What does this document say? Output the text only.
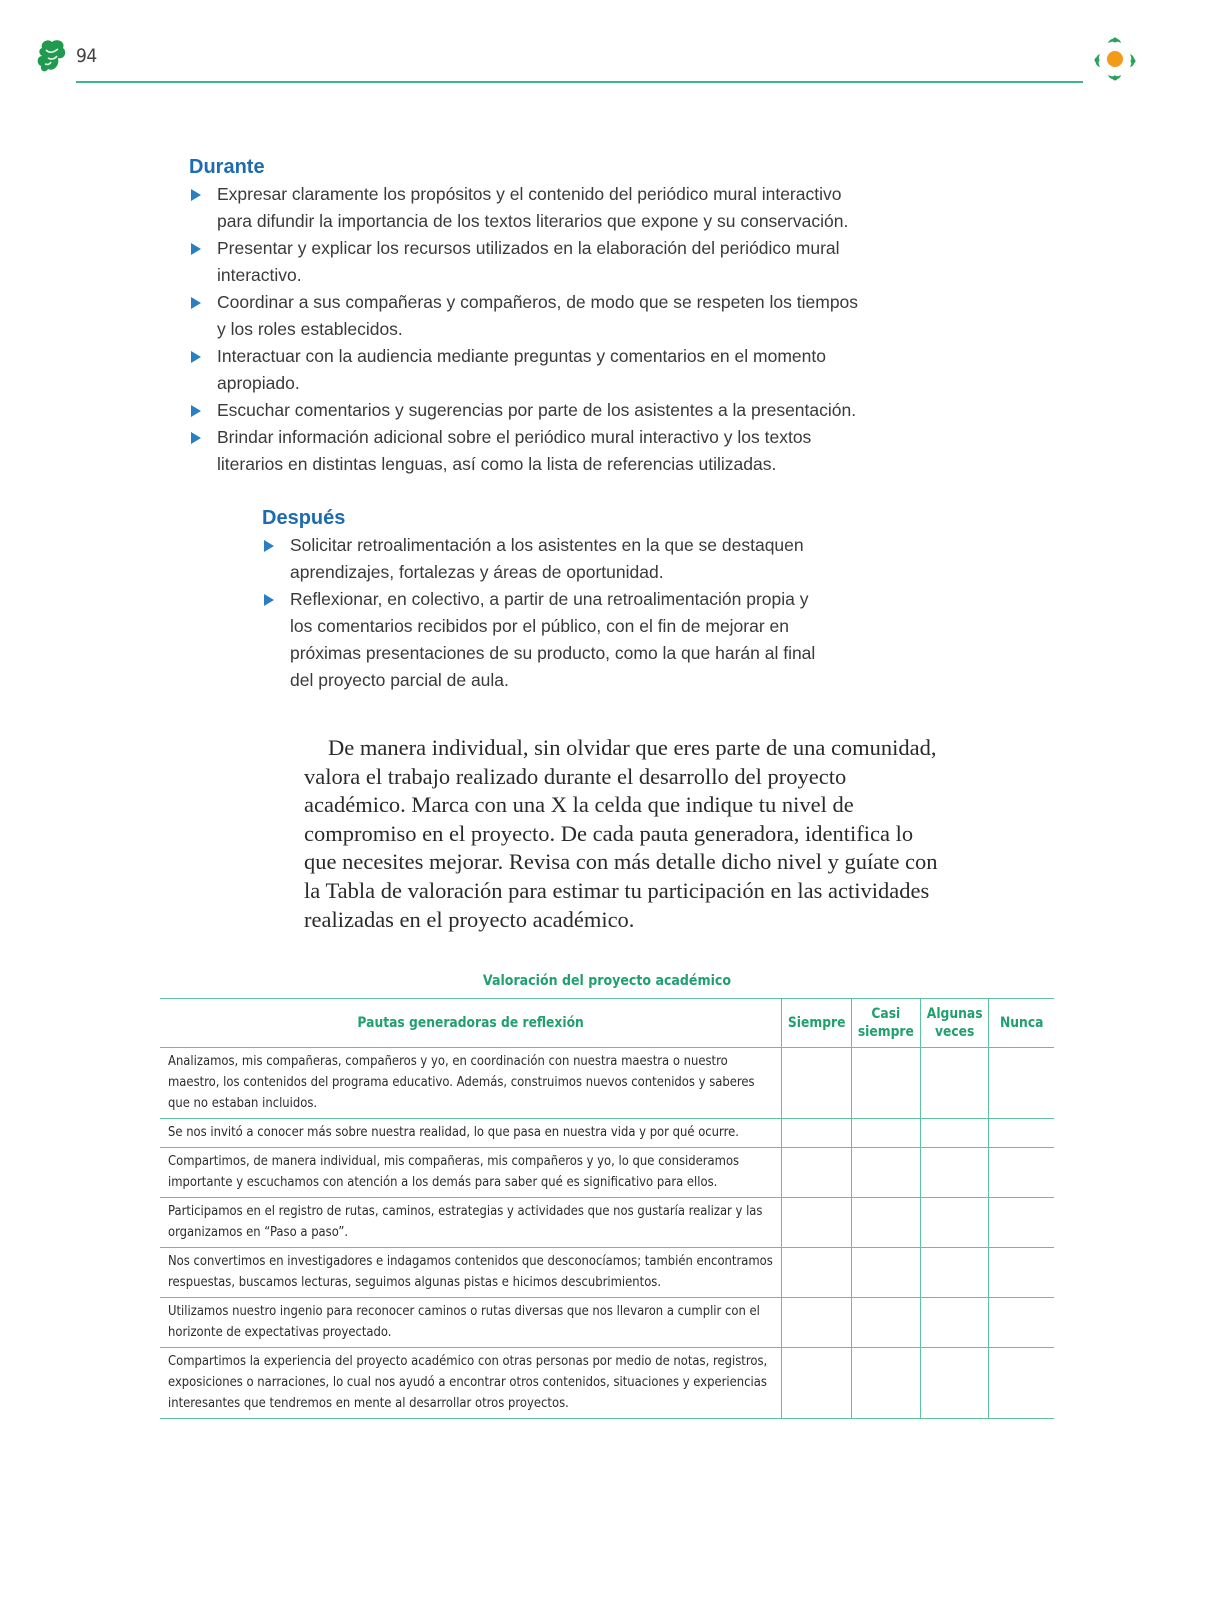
94
Durante
Expresar claramente los propósitos y el contenido del periódico mural interactivo para difundir la importancia de los textos literarios que expone y su conservación.
Presentar y explicar los recursos utilizados en la elaboración del periódico mural interactivo.
Coordinar a sus compañeras y compañeros, de modo que se respeten los tiempos y los roles establecidos.
Interactuar con la audiencia mediante preguntas y comentarios en el momento apropiado.
Escuchar comentarios y sugerencias por parte de los asistentes a la presentación.
Brindar información adicional sobre el periódico mural interactivo y los textos literarios en distintas lenguas, así como la lista de referencias utilizadas.
Después
Solicitar retroalimentación a los asistentes en la que se destaquen aprendizajes, fortalezas y áreas de oportunidad.
Reflexionar, en colectivo, a partir de una retroalimentación propia y los comentarios recibidos por el público, con el fin de mejorar en próximas presentaciones de su producto, como la que harán al final del proyecto parcial de aula.

De manera individual, sin olvidar que eres parte de una comunidad, valora el trabajo realizado durante el desarrollo del proyecto académico. Marca con una X la celda que indique tu nivel de compromiso en el proyecto. De cada pauta generadora, identifica lo que necesites mejorar. Revisa con más detalle dicho nivel y guíate con la Tabla de valoración para estimar tu participación en las actividades realizadas en el proyecto académico.

Valoración del proyecto académico
Pautas generadoras de reflexión	Siempre	Casi siempre	Algunas veces	Nunca
Analizamos, mis compañeras, compañeros y yo, en coordinación con nuestra maestra o nuestro maestro, los contenidos del programa educativo. Además, construimos nuevos contenidos y saberes que no estaban incluidos.				
Se nos invitó a conocer más sobre nuestra realidad, lo que pasa en nuestra vida y por qué ocurre.				
Compartimos, de manera individual, mis compañeras, mis compañeros y yo, lo que consideramos importante y escuchamos con atención a los demás para saber qué es significativo para ellos.				
Participamos en el registro de rutas, caminos, estrategias y actividades que nos gustaría realizar y las organizamos en “Paso a paso”.				
Nos convertimos en investigadores e indagamos contenidos que desconocíamos; también encontramos respuestas, buscamos lecturas, seguimos algunas pistas e hicimos descubrimientos.				
Utilizamos nuestro ingenio para reconocer caminos o rutas diversas que nos llevaron a cumplir con el horizonte de expectativas proyectado.				
Compartimos la experiencia del proyecto académico con otras personas por medio de notas, registros, exposiciones o narraciones, lo cual nos ayudó a encontrar otros contenidos, situaciones y experiencias interesantes que tendremos en mente al desarrollar otros proyectos.				
